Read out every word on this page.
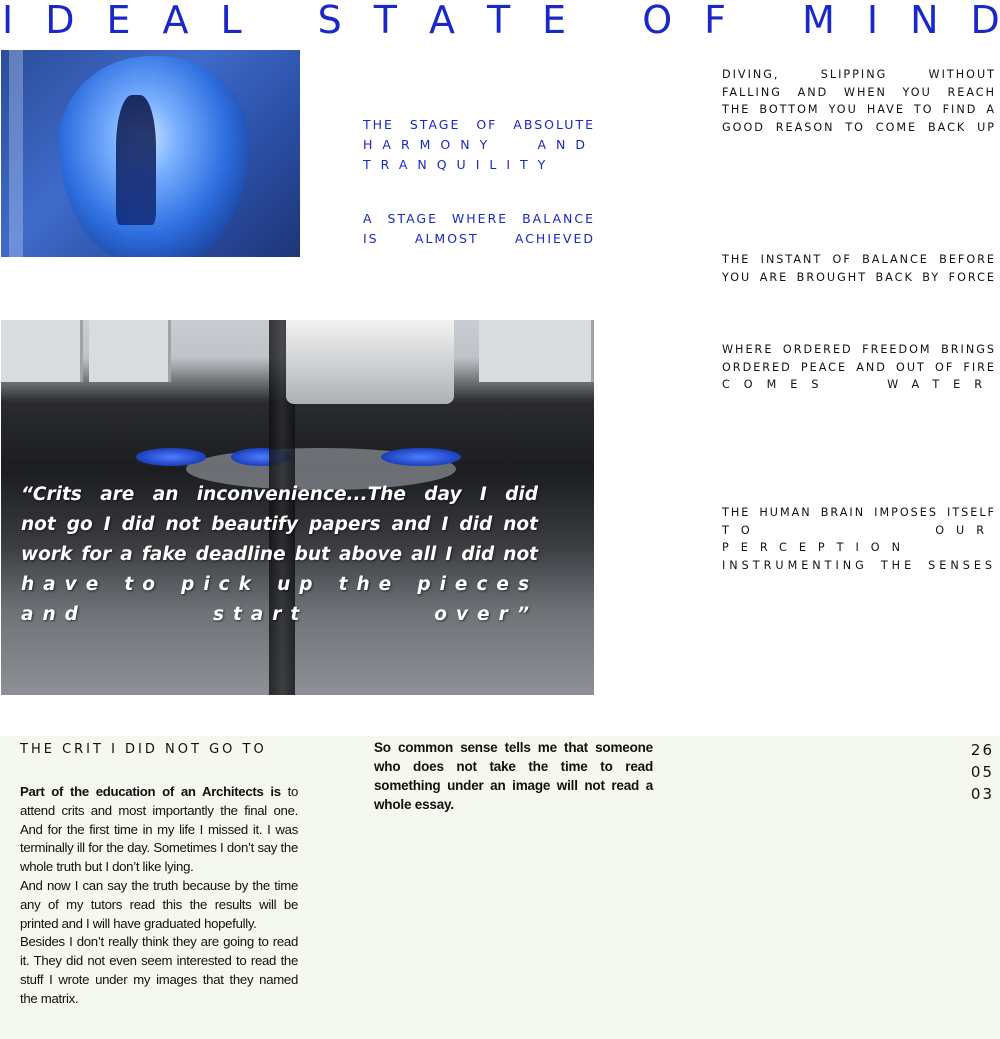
I D E A L
S T A T E
O F
M I N D
THE STAGE OF ABSOLUTE
HARMONY AND
TRANQUILITY
A STAGE WHERE BALANCE
IS ALMOST ACHIEVED
DIVING, SLIPPING WITHOUT
FALLING AND WHEN YOU REACH
THE BOTTOM YOU HAVE TO FIND A
GOOD REASON TO COME BACK UP
THE INSTANT OF BALANCE BEFORE
YOU ARE BROUGHT BACK BY FORCE
WHERE ORDERED FREEDOM BRINGS
ORDERED PEACE AND OUT OF FIRE
COMES WATER
THE HUMAN BRAIN IMPOSES ITSELF
TO OUR PERCEPTION
INSTRUMENTING THE SENSES
“Crits are an inconvenience...The day I did
not go I did not beautify papers and I did not
work for a fake deadline but above all I did not
have to pick up the pieces
and start over”
THE CRIT I DID NOT GO TO
Part of the education of an Architects is to attend crits and most importantly the final one. And for the first time in my life I missed it. I was terminally ill for the day. Sometimes I don’t say the whole truth but I don’t like lying.
And now I can say the truth because by the time any of my tutors read this the results will be printed and I will have graduated hopefully.
Besides I don’t really think they are going to read it. They did not even seem interested to read the stuff I wrote under my images that they named the matrix.
So common sense tells me that someone who does not take the time to read something under an image will not read a whole essay.
26
05
03
